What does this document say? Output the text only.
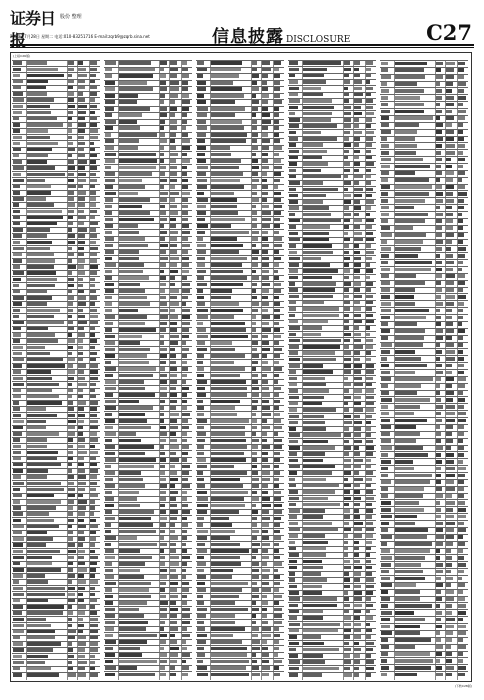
证券日报
股份 整理
2020年7月28日 星期二 电话:010-83251716 E-mail:zqrb9@zqrb.sina.net	信息披露 DISCLOSURE	C27
(上接C26版)
(下转C28版)
